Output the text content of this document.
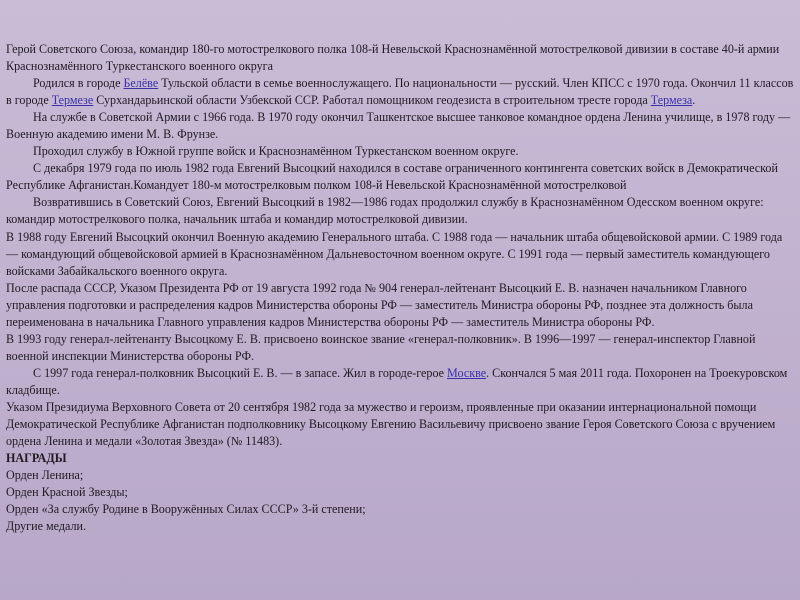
Герой Советского Союза, командир 180-го мотострелкового полка 108-й Невельской Краснознамённой мотострелковой дивизии в составе 40-й армии Краснознамённого Туркестанского военного округа

Родился в городе Белёве Тульской области в семье военнослужащего. По национальности — русский. Член КПСС с 1970 года. Окончил 11 классов в городе Термезе Сурхандарьинской области Узбекской ССР. Работал помощником геодезиста в строительном тресте города Термеза.

На службе в Советской Армии с 1966 года. В 1970 году окончил Ташкентское высшее танковое командное ордена Ленина училище, в 1978 году — Военную академию имени М. В. Фрунзе.

Проходил службу в Южной группе войск и Краснознамённом Туркестанском военном округе.

С декабря 1979 года по июль 1982 года Евгений Высоцкий находился в составе ограниченного контингента советских войск в Демократической Республике Афганистан.Командует 180-м мотострелковым полком 108-й Невельской Краснознамённой мотострелковой

Возвратившись в Советский Союз, Евгений Высоцкий в 1982—1986 годах продолжил службу в Краснознамённом Одесском военном округе: командир мотострелкового полка, начальник штаба и командир мотострелковой дивизии.

В 1988 году Евгений Высоцкий окончил Военную академию Генерального штаба. С 1988 года — начальник штаба общевойсковой армии. С 1989 года — командующий общевойсковой армией в Краснознамённом Дальневосточном военном округе. С 1991 года — первый заместитель командующего войсками Забайкальского военного округа.

После распада СССР, Указом Президента РФ от 19 августа 1992 года № 904 генерал-лейтенант Высоцкий Е. В. назначен начальником Главного управления подготовки и распределения кадров Министерства обороны РФ — заместитель Министра обороны РФ, позднее эта должность была переименована в начальника Главного управления кадров Министерства обороны РФ — заместитель Министра обороны РФ.

В 1993 году генерал-лейтенанту Высоцкому Е. В. присвоено воинское звание «генерал-полковник». В 1996—1997 — генерал-инспектор Главной военной инспекции Министерства обороны РФ.

С 1997 года генерал-полковник Высоцкий Е. В. — в запасе. Жил в городе-герое Москве. Скончался 5 мая 2011 года. Похоронен на Троекуровском кладбище.

Указом Президиума Верховного Совета от 20 сентября 1982 года за мужество и героизм, проявленные при оказании интернациональной помощи Демократической Республике Афганистан подполковнику Высоцкому Евгению Васильевичу присвоено звание Героя Советского Союза с вручением ордена Ленина и медали «Золотая Звезда» (№ 11483).

НАГРАДЫ

Орден Ленина;

Орден Красной Звезды;

Орден «За службу Родине в Вооружённых Силах СССР» 3-й степени;

Другие медали.
